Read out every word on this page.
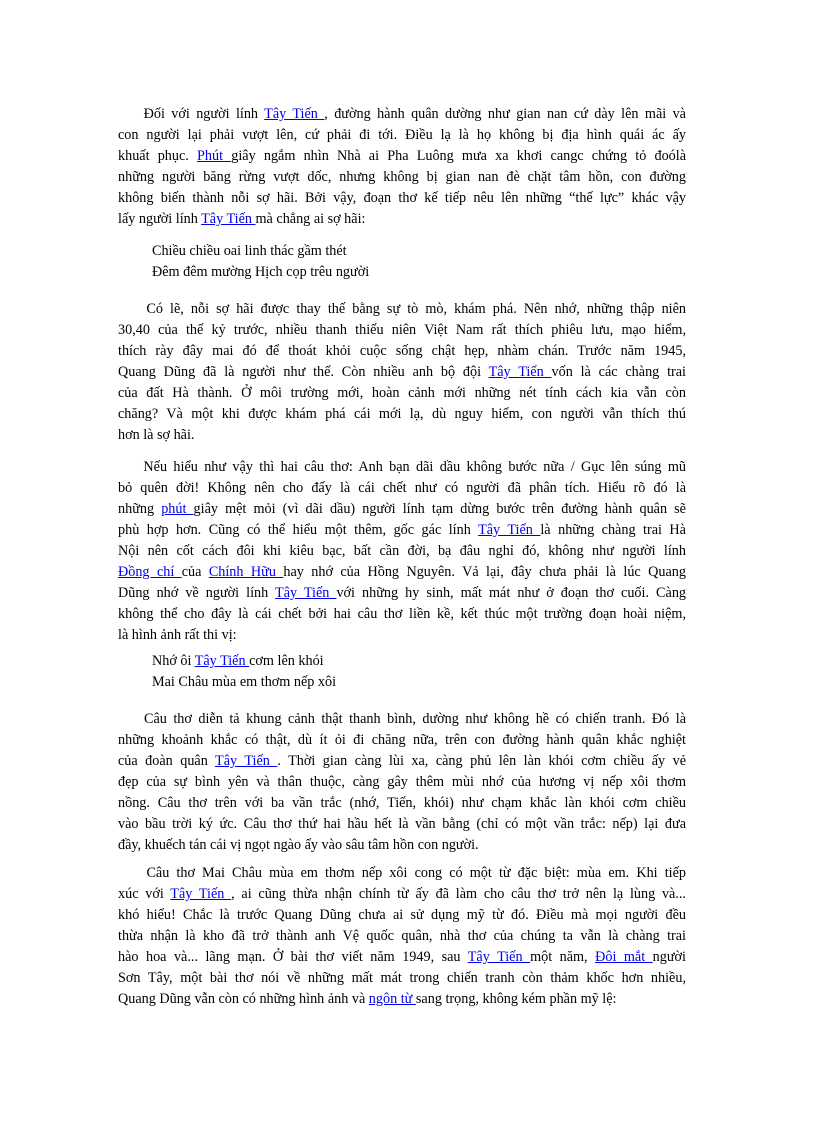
Đối với người lính Tây Tiến , đường hành quân dường như gian nan cứ dày lên mãi và
con người lại phải vượt lên, cứ phải đi tới. Điều lạ là họ không bị địa hình quái ác ấy
khuất phục. Phút giây ngắm nhìn Nhà ai Pha Luông mưa xa khơi cangc chứng tỏ đoólà
những người băng rừng vượt dốc, nhưng không bị gian nan đè chặt tâm hồn, con đường
không biến thành nỗi sợ hãi. Bởi vậy, đoạn thơ kế tiếp nêu lên những “thế lực” khác vậy
lấy người lính Tây Tiến mà chẳng ai sợ hãi:
Chiều chiều oai linh thác gầm thét
Đêm đêm mường Hịch cọp trêu người
Có lẽ, nỗi sợ hãi được thay thế bằng sự tò mò, khám phá. Nên nhớ, những thập niên
30,40 của thế kỷ trước, nhiều thanh thiếu niên Việt Nam rất thích phiêu lưu, mạo hiểm,
thích rày đây mai đó để thoát khỏi cuộc sống chật hẹp, nhàm chán. Trước năm 1945,
Quang Dũng đã là người như thế. Còn nhiều anh bộ đội Tây Tiến vốn là các chàng trai
của đất Hà thành. Ở môi trường mới, hoàn cảnh mới những nét tính cách kia vẫn còn
chăng? Và một khi được khám phá cái mới lạ, dù nguy hiểm, con người vẫn thích thú
hơn là sợ hãi.
Nếu hiểu như vậy thì hai câu thơ: Anh bạn dãi dầu không bước nữa / Gục lên súng mũ
bỏ quên đời! Không nên cho đấy là cái chết như có người đã phân tích. Hiểu rõ đó là
những phút giây mệt mỏi (vì dãi dầu) người lính tạm dừng bước trên đường hành quân sẽ
phù hợp hơn. Cũng có thể hiểu một thêm, gốc gác lính Tây Tiến là những chàng trai Hà
Nội nên cốt cách đôi khi kiêu bạc, bất cần đời, bạ đâu nghỉ đó, không như người lính
Đồng chí của Chính Hữu hay nhớ của Hồng Nguyên. Vả lại, đây chưa phải là lúc Quang
Dũng nhớ về người lính Tây Tiến với những hy sinh, mất mát như ở đoạn thơ cuối. Càng
không thể cho đây là cái chết bởi hai câu thơ liền kề, kết thúc một trường đoạn hoài niệm,
là hình ảnh rất thi vị:
Nhớ ôi Tây Tiến cơm lên khói
Mai Châu mùa em thơm nếp xôi
Câu thơ diễn tả khung cảnh thật thanh bình, dường như không hề có chiến tranh. Đó là
những khoảnh khắc có thật, dù ít ỏi đi chăng nữa, trên con đường hành quân khắc nghiệt
của đoàn quân Tây Tiến . Thời gian càng lùi xa, càng phủ lên làn khói cơm chiều ấy vẻ
đẹp của sự bình yên và thân thuộc, càng gây thêm mùi nhớ của hương vị nếp xôi thơm
nồng. Câu thơ trên với ba vần trắc (nhớ, Tiến, khói) như chạm khắc làn khói cơm chiều
vào bầu trời ký ức. Câu thơ thứ hai hầu hết là vần bằng (chỉ có một vần trắc: nếp) lại đưa
đầy, khuếch tán cái vị ngọt ngào ấy vào sâu tâm hồn con người.
Câu thơ Mai Châu mùa em thơm nếp xôi cong có một từ đặc biệt: mùa em. Khi tiếp
xúc với Tây Tiến , ai cũng thừa nhận chính từ ấy đã làm cho câu thơ trở nên lạ lùng và...
khó hiểu! Chắc là trước Quang Dũng chưa ai sử dụng mỹ từ đó. Điều mà mọi người đều
thừa nhận là kho đã trở thành anh Vệ quốc quân, nhà thơ của chúng ta vẫn là chàng trai
hào hoa và... lãng mạn. Ở bài thơ viết năm 1949, sau Tây Tiến một năm, Đôi mắt người
Sơn Tây, một bài thơ nói về những mất mát trong chiến tranh còn thảm khốc hơn nhiều,
Quang Dũng vẫn còn có những hình ảnh và ngôn từ sang trọng, không kém phần mỹ lệ:
